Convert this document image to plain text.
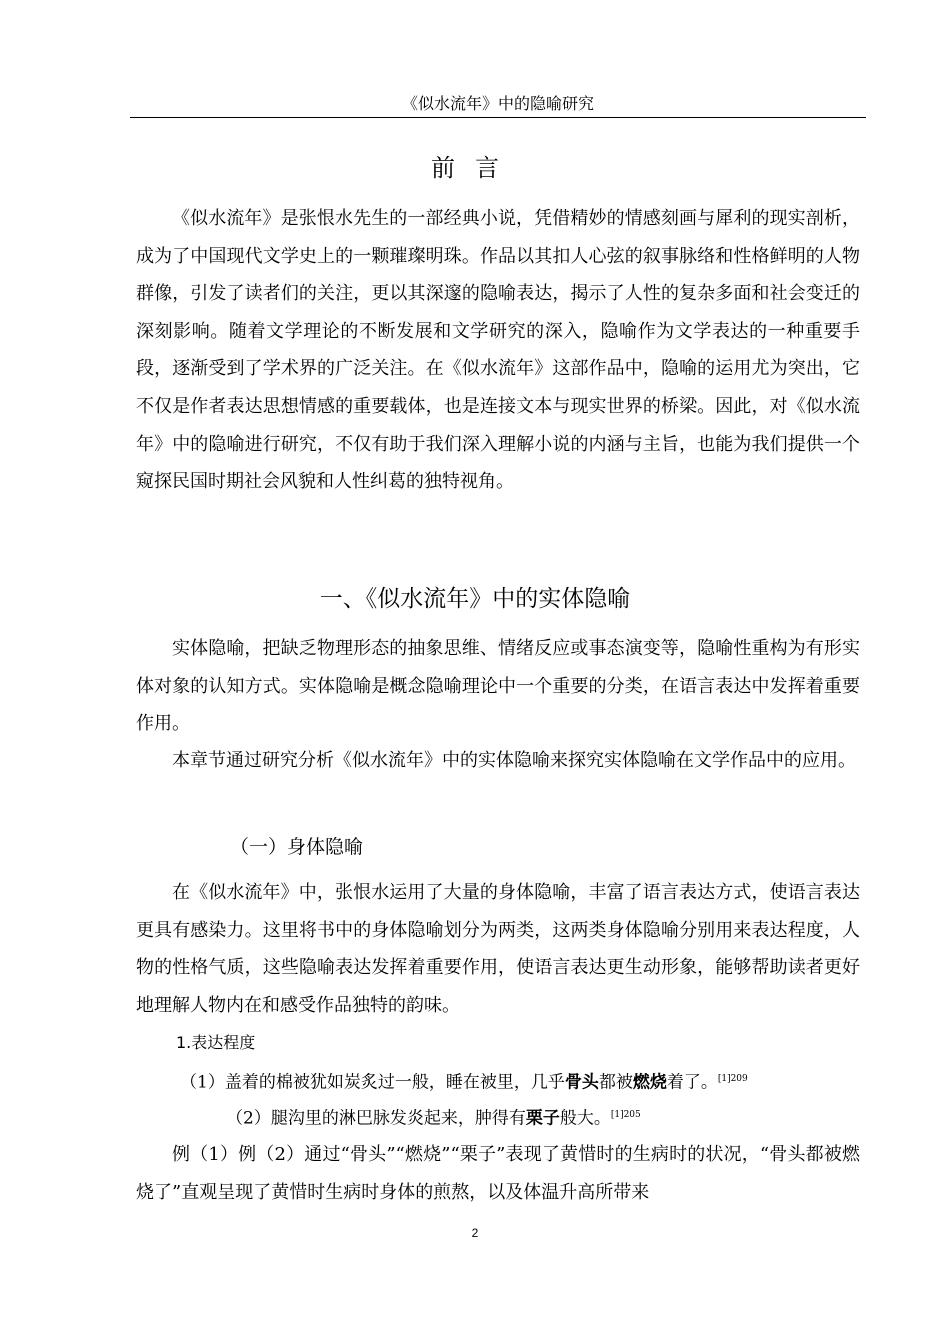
《似水流年》中的隐喻研究
前言
《似水流年》是张恨水先生的一部经典小说，凭借精妙的情感刻画与犀利的现实剖析，成为了中国现代文学史上的一颗璀璨明珠。作品以其扣人心弦的叙事脉络和性格鲜明的人物群像，引发了读者们的关注，更以其深邃的隐喻表达，揭示了人性的复杂多面和社会变迁的深刻影响。随着文学理论的不断发展和文学研究的深入，隐喻作为文学表达的一种重要手段，逐渐受到了学术界的广泛关注。在《似水流年》这部作品中，隐喻的运用尤为突出，它不仅是作者表达思想情感的重要载体，也是连接文本与现实世界的桥梁。因此，对《似水流年》中的隐喻进行研究，不仅有助于我们深入理解小说的内涵与主旨，也能为我们提供一个窥探民国时期社会风貌和人性纠葛的独特视角。
一、《似水流年》中的实体隐喻
实体隐喻，把缺乏物理形态的抽象思维、情绪反应或事态演变等，隐喻性重构为有形实体对象的认知方式。实体隐喻是概念隐喻理论中一个重要的分类，在语言表达中发挥着重要作用。
本章节通过研究分析《似水流年》中的实体隐喻来探究实体隐喻在文学作品中的应用。
（一）身体隐喻
在《似水流年》中，张恨水运用了大量的身体隐喻，丰富了语言表达方式，使语言表达更具有感染力。这里将书中的身体隐喻划分为两类，这两类身体隐喻分别用来表达程度，人物的性格气质，这些隐喻表达发挥着重要作用，使语言表达更生动形象，能够帮助读者更好地理解人物内在和感受作品独特的韵味。
1.表达程度
（1）盖着的棉被犹如炭炙过一般，睡在被里，几乎骨头都被燃烧着了。$^{[1]209}$
（2）腿沟里的淋巴脉发炎起来，肿得有栗子般大。$^{[1]205}$
例（1）例（2）通过“骨头”“燃烧”“栗子”表现了黄惜时的生病时的状况，“骨头都被燃烧了”直观呈现了黄惜时生病时身体的煎熬，以及体温升高所带来
2
